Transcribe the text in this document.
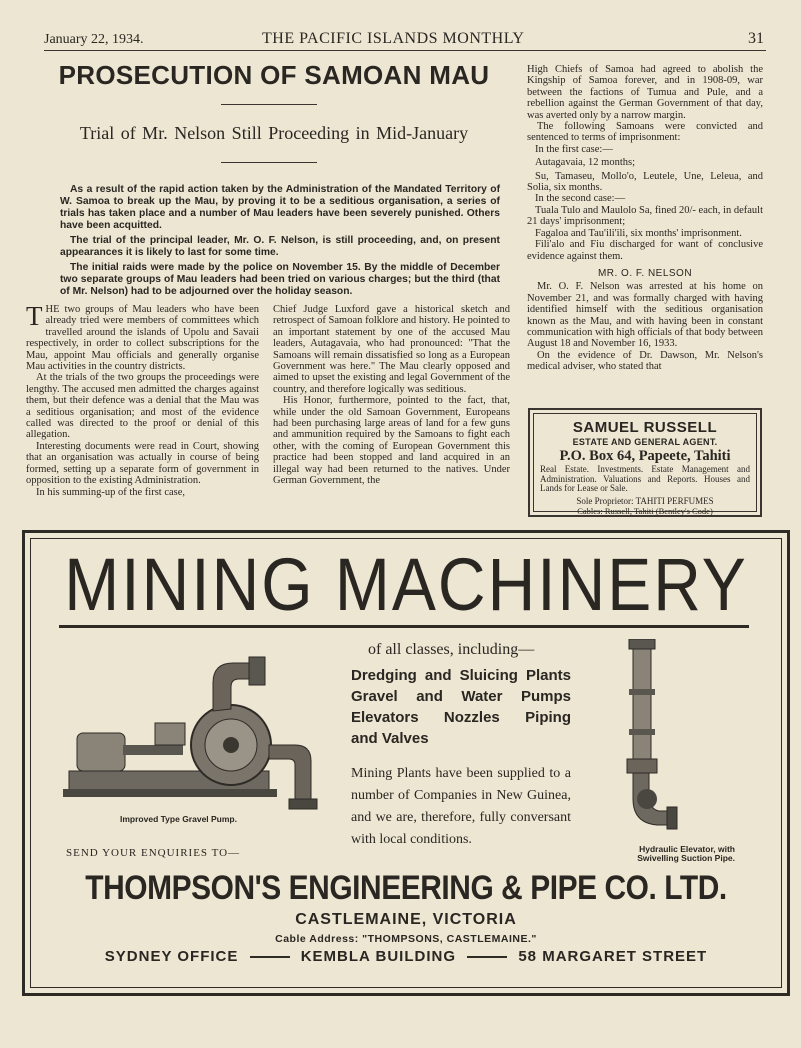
January 22, 1934.	THE PACIFIC ISLANDS MONTHLY	31
PROSECUTION OF SAMOAN MAU
Trial of Mr. Nelson Still Proceeding in Mid-January

As a result of the rapid action taken by the Administration of the Mandated Territory of W. Samoa to break up the Mau, by proving it to be a seditious organisation, a series of trials has taken place and a number of Mau leaders have been severely punished. Others have been acquitted.

The trial of the principal leader, Mr. O. F. Nelson, is still proceeding, and, on present appearances it is likely to last for some time.

The initial raids were made by the police on November 15. By the middle of December two separate groups of Mau leaders had been tried on various charges; but the third (that of Mr. Nelson) had to be adjourned over the holiday season.

THE two groups of Mau leaders who have been already tried were members of committees which travelled around the islands of Upolu and Savaii respectively, in order to collect subscriptions for the Mau, appoint Mau officials and generally organise Mau activities in the country districts.

At the trials of the two groups the proceedings were lengthy. The accused men admitted the charges against them, but their defence was a denial that the Mau was a seditious organisation; and most of the evidence called was directed to the proof or denial of this allegation.

Interesting documents were read in Court, showing that an organisation was actually in course of being formed, setting up a separate form of government in opposition to the existing Administration.

In his summing-up of the first case,

Chief Judge Luxford gave a historical sketch and retrospect of Samoan folklore and history. He pointed to an important statement by one of the accused Mau leaders, Autagavaia, who had pronounced: "That the Samoans will remain dissatisfied so long as a European Government was here." The Mau clearly opposed and aimed to upset the existing and legal Government of the country, and therefore logically was seditious.

His Honor, furthermore, pointed to the fact, that, while under the old Samoan Government, Europeans had been purchasing large areas of land for a few guns and ammunition required by the Samoans to fight each other, with the coming of European Government this practice had been stopped and land acquired in an illegal way had been returned to the natives. Under German Government, the

High Chiefs of Samoa had agreed to abolish the Kingship of Samoa forever, and in 1908-09, war between the factions of Tumua and Pule, and a rebellion against the German Government of that day, was averted only by a narrow margin.

The following Samoans were convicted and sentenced to terms of imprisonment:

In the first case:—

Autagavaia, 12 months;

Su, Tamaseu, Mollo'o, Leutele, Une, Leleua, and Solia, six months.

In the second case:—

Tuala Tulo and Maulolo Sa, fined 20/- each, in default 21 days' imprisonment;

Fagaloa and Tau'ili'ili, six months' imprisonment.

Fili'alo and Fiu discharged for want of conclusive evidence against them.

MR. O. F. NELSON

Mr. O. F. Nelson was arrested at his home on November 21, and was formally charged with having identified himself with the seditious organisation known as the Mau, and with having been in constant communication with high officials of that body between August 18 and November 16, 1933.

On the evidence of Dr. Dawson, Mr. Nelson's medical adviser, who stated that

SAMUEL RUSSELL
ESTATE AND GENERAL AGENT.
P.O. Box 64, Papeete, Tahiti
Real Estate. Investments. Estate Management and Administration. Valuations and Reports. Houses and Lands for Lease or Sale.
Sole Proprietor: TAHITI PERFUMES
Cables: Russell, Tahiti (Bentley's Code)
MINING MACHINERY
Improved Type Gravel Pump.
of all classes, including—
Dredging and Sluicing Plants
Gravel and Water Pumps
Elevators Nozzles Piping
and Valves
Mining Plants have been supplied to a number of Companies in New Guinea, and we are, therefore, fully conversant with local conditions.
Hydraulic Elevator, with
Swivelling Suction Pipe.
SEND YOUR ENQUIRIES TO—
THOMPSON'S ENGINEERING & PIPE CO. LTD.
CASTLEMAINE, VICTORIA
Cable Address: "THOMPSONS, CASTLEMAINE."
SYDNEY OFFICE	KEMBLA BUILDING	58 MARGARET STREET
